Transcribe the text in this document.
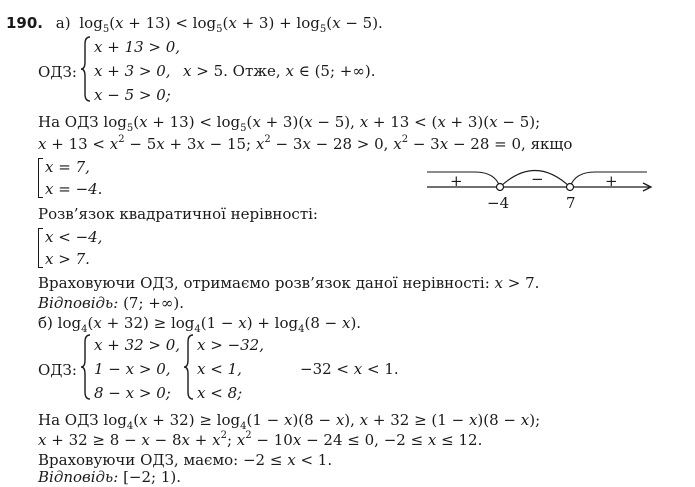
190. а) $\log_5(x + 13) < \log_5(x + 3) + \log_5(x - 5)$.
ОДЗ:
x + 13 > 0,
x + 3 > 0,
x − 5 > 0;
x > 5. Отже, x ∈ (5; +∞).
На ОДЗ $\log_5(x + 13) < \log_5(x + 3)(x - 5)$, x + 13 < (x + 3)(x − 5);
$x + 13 < x^2 - 5x + 3x - 15$; $x^2 - 3x - 28 > 0$, $x^2 - 3x - 28 = 0$, якщо
x = 7,
x = −4.	+	−	+
−4	7
Розв’язок квадратичної нерівності:
x < −4,
x > 7.
Враховуючи ОДЗ, отримаємо розв’язок даної нерівності: x > 7.
Відповідь: (7; +∞).
б) $\log_4(x + 32) \ge \log_4(1 - x) + \log_4(8 - x)$.
ОДЗ:
x + 32 > 0,
1 − x > 0,
8 − x > 0;
x > −32,
x < 1,
x < 8;
−32 < x < 1.
На ОДЗ $\log_4(x + 32) \ge \log_4(1 - x)(8 - x)$, x + 32 ≥ (1 − x)(8 − x);
$x + 32 \ge 8 - x - 8x + x^2$; $x^2 - 10x - 24 \le 0$, −2 ≤ x ≤ 12.
Враховуючи ОДЗ, маємо: −2 ≤ x < 1.
Відповідь: [−2; 1).
